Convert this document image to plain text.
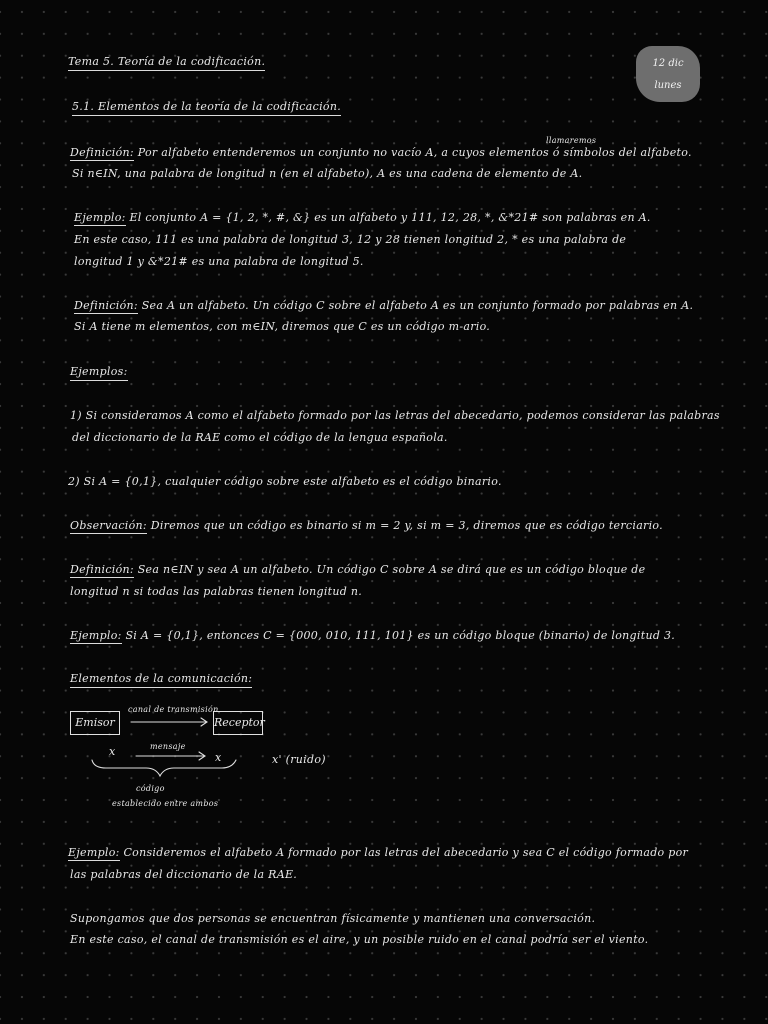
12 dic
lunes
Tema 5. Teoría de la codificación.
5.1. Elementos de la teoría de la codificación.
llamaremos
Definición: Por alfabeto entenderemos un conjunto no vacío A, a cuyos elementos ó símbolos del alfabeto.
Si n∈IN, una palabra de longitud n (en el alfabeto), A es una cadena de elemento de A.
Ejemplo: El conjunto A = {1, 2, *, #, &} es un alfabeto y 111, 12, 28, *, &*21# son palabras en A.
En este caso, 111 es una palabra de longitud 3, 12 y 28 tienen longitud 2, * es una palabra de
longitud 1 y &*21# es una palabra de longitud 5.
Definición: Sea A un alfabeto. Un código C sobre el alfabeto A es un conjunto formado por palabras en A.
Si A tiene m elementos, con m∈IN, diremos que C es un código m-ario.
Ejemplos:
1) Si consideramos A como el alfabeto formado por las letras del abecedario, podemos considerar las palabras
del diccionario de la RAE como el código de la lengua española.
2) Si A = {0,1}, cualquier código sobre este alfabeto es el código binario.
Observación: Diremos que un código es binario si m = 2 y, si m = 3, diremos que es código terciario.
Definición: Sea n∈IN y sea A un alfabeto. Un código C sobre A se dirá que es un código bloque de
longitud n si todas las palabras tienen longitud n.
Ejemplo: Si A = {0,1}, entonces C = {000, 010, 111, 101} es un código bloque (binario) de longitud 3.
Elementos de la comunicación:
canal de transmisión
Emisor	Receptor
mensaje
x	x	x' (ruido)
código
establecido entre ambos
Ejemplo: Consideremos el alfabeto A formado por las letras del abecedario y sea C el código formado por
las palabras del diccionario de la RAE.
Supongamos que dos personas se encuentran físicamente y mantienen una conversación.
En este caso, el canal de transmisión es el aire, y un posible ruido en el canal podría ser el viento.
